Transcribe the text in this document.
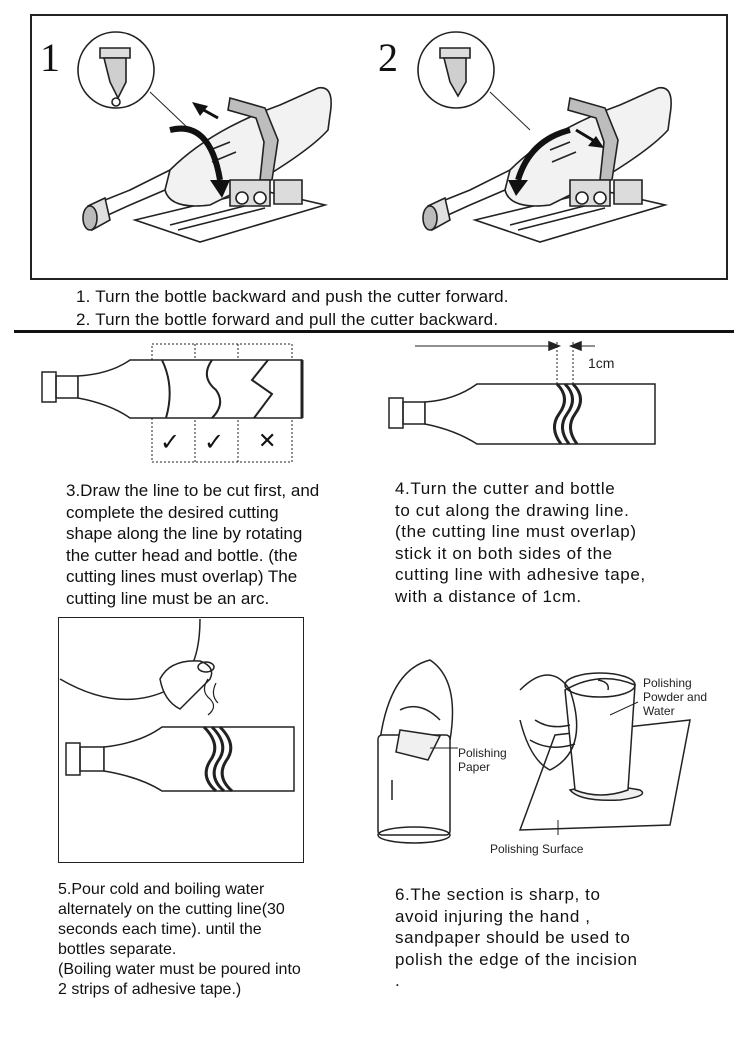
1	2
1. Turn the bottle backward and push the cutter forward.
2. Turn the bottle forward and pull the cutter backward.
✓ ✓ ✕
3.Draw the line to be cut first, and
complete the desired cutting
shape along the line by rotating
the cutter head and bottle. (the
cutting lines must overlap) The
cutting line must be an arc.
1cm
4.Turn the cutter and bottle
to cut along the drawing line.
(the cutting line must overlap)
stick it on both sides of the
cutting line with adhesive tape,
with a distance of 1cm.
5.Pour cold and boiling water
alternately on the cutting line(30
seconds each time). until the
bottles separate.
(Boiling water must be poured into
2 strips of adhesive tape.)
Polishing
Powder and
Water
Polishing
Paper
Polishing Surface
6.The section is sharp, to
avoid injuring the hand ,
sandpaper should be used to
polish the edge of the incision
.
